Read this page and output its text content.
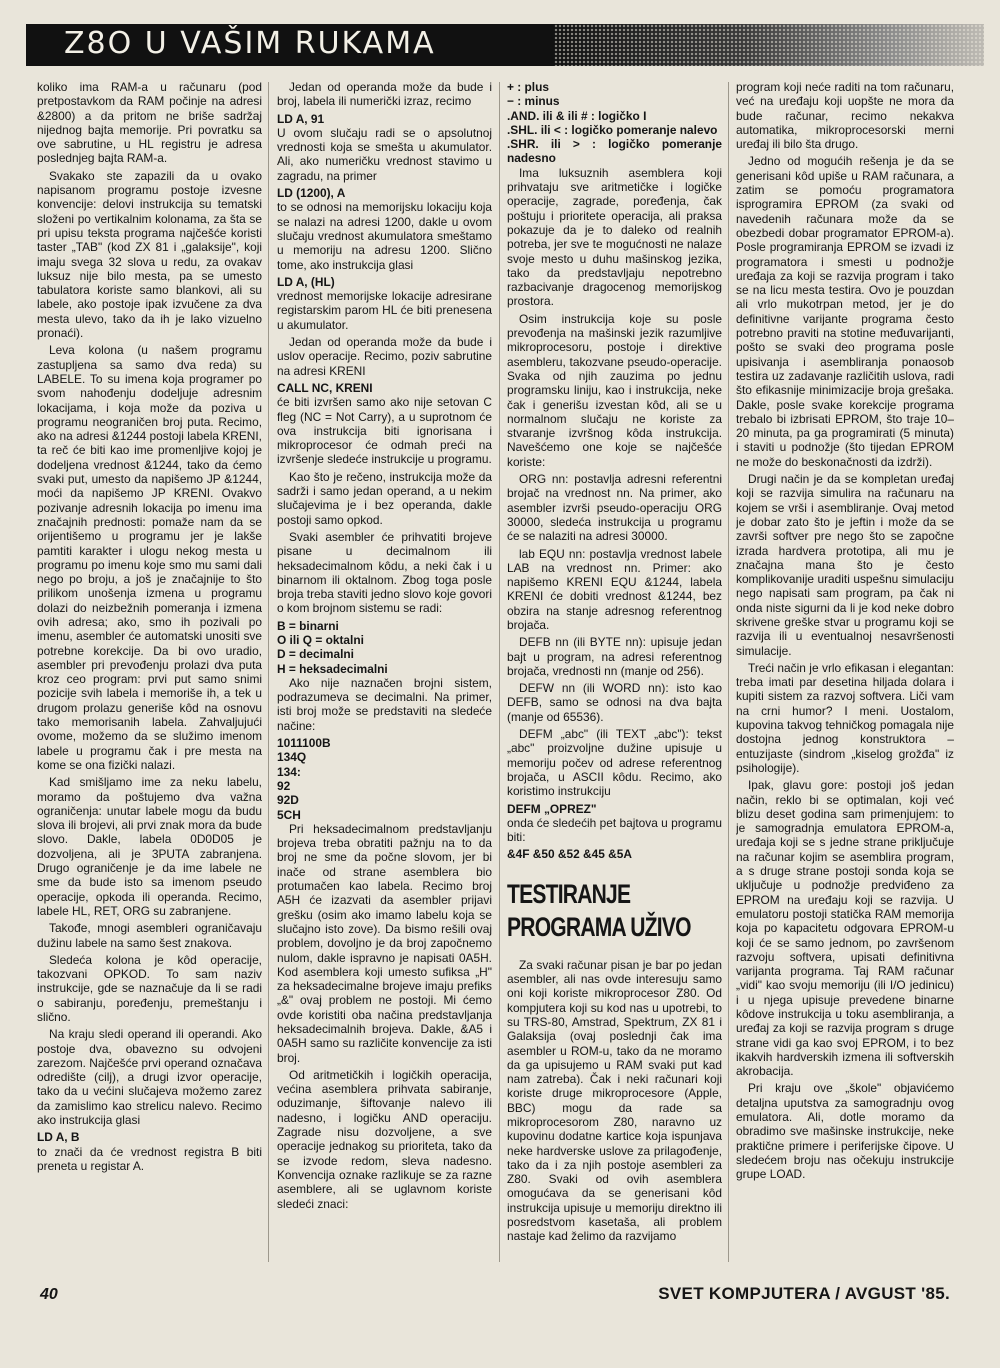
Z8O U VAŠIM RUKAMA

koliko ima RAM-a u računaru (pod pretpostavkom da RAM počinje na adresi &2800) a da pritom ne briše sadržaj nijednog bajta memorije. Pri povratku sa ove sabrutine, u HL registru je adresa poslednjeg bajta RAM-a.

Svakako ste zapazili da u ovako napisanom programu postoje izvesne konvencije: delovi instrukcija su tematski složeni po vertikalnim kolonama, za šta se pri upisu teksta programa najčešće koristi taster „TAB" (kod ZX 81 i „galaksije", koji imaju svega 32 slova u redu, za ovakav luksuz nije bilo mesta, pa se umesto tabulatora koriste samo blankovi, ali su labele, ako postoje ipak izvučene za dva mesta ulevo, tako da ih je lako vizuelno pronaći).

Leva kolona (u našem programu zastupljena sa samo dva reda) su LABELE. To su imena koja programer po svom nahođenju dodeljuje adresnim lokacijama, i koja može da poziva u programu neograničen broj puta. Recimo, ako na adresi &1244 postoji labela KRENI, ta reč će biti kao ime promenljive kojoj je dodeljena vrednost &1244, tako da ćemo svaki put, umesto da napišemo JP &1244, moći da napišemo JP KRENI. Ovakvo pozivanje adresnih lokacija po imenu ima značajnih prednosti: pomaže nam da se orijentišemo u programu jer je lakše pamtiti karakter i ulogu nekog mesta u programu po imenu koje smo mu sami dali nego po broju, a još je značajnije to što prilikom unošenja izmena u programu dolazi do neizbežnih pomeranja i izmena ovih adresa; ako, smo ih pozivali po imenu, asembler će automatski unositi sve potrebne korekcije. Da bi ovo uradio, asembler pri prevođenju prolazi dva puta kroz ceo program: prvi put samo snimi pozicije svih labela i memoriše ih, a tek u drugom prolazu generiše kôd na osnovu tako memorisanih labela. Zahvaljujući ovome, možemo da se služimo imenom labele u programu čak i pre mesta na kome se ona fizički nalazi.

Kad smišljamo ime za neku labelu, moramo da poštujemo dva važna ograničenja: unutar labele mogu da budu slova ili brojevi, ali prvi znak mora da bude slovo. Dakle, labela 0D0D05 je dozvoljena, ali je 3PUTA zabranjena. Drugo ograničenje je da ime labele ne sme da bude isto sa imenom pseudo operacije, opkoda ili operanda. Recimo, labele HL, RET, ORG su zabranjene.

Takođe, mnogi asembleri ograničavaju dužinu labele na samo šest znakova.

Sledeća kolona je kôd operacije, takozvani OPKOD. To sam naziv instrukcije, gde se naznačuje da li se radi o sabiranju, poređenju, premeštanju i slično.

Na kraju sledi operand ili operandi. Ako postoje dva, obavezno su odvojeni zarezom. Najčešće prvi operand označava odredište (cilj), a drugi izvor operacije, tako da u većini slučajeva možemo zarez da zamislimo kao strelicu nalevo. Recimo ako instrukcija glasi

LD A, B

to znači da će vrednost registra B biti preneta u registar A.

Jedan od operanda može da bude i broj, labela ili numerički izraz, recimo

LD A, 91

U ovom slučaju radi se o apsolutnoj vrednosti koja se smešta u akumulator. Ali, ako numeričku vrednost stavimo u zagradu, na primer

LD (1200), A

to se odnosi na memorijsku lokaciju koja se nalazi na adresi 1200, dakle u ovom slučaju vrednost akumulatora smeštamo u memoriju na adresu 1200. Slično tome, ako instrukcija glasi

LD A, (HL)

vrednost memorijske lokacije adresirane registarskim parom HL će biti prenesena u akumulator.

Jedan od operanda može da bude i uslov operacije. Recimo, poziv sabrutine na adresi KRENI

CALL NC, KRENI

će biti izvršen samo ako nije setovan C fleg (NC = Not Carry), a u suprotnom će ova instrukcija biti ignorisana i mikroprocesor će odmah preći na izvršenje sledeće instrukcije u programu.

Kao što je rečeno, instrukcija može da sadrži i samo jedan operand, a u nekim slučajevima je i bez operanda, dakle postoji samo opkod.

Svaki asembler će prihvatiti brojeve pisane u decimalnom ili heksadecimalnom kôdu, a neki čak i u binarnom ili oktalnom. Zbog toga posle broja treba staviti jedno slovo koje govori o kom brojnom sistemu se radi:

B = binarni

O ili Q = oktalni

D = decimalni

H = heksadecimalni

Ako nije naznačen brojni sistem, podrazumeva se decimalni. Na primer, isti broj može se predstaviti na sledeće načine:

1011100B

134Q

134:

92

92D

5CH

Pri heksadecimalnom predstavljanju brojeva treba obratiti pažnju na to da broj ne sme da počne slovom, jer bi inače od strane asemblera bio protumačen kao labela. Recimo broj A5H će izazvati da asembler prijavi grešku (osim ako imamo labelu koja se slučajno isto zove). Da bismo rešili ovaj problem, dovoljno je da broj započnemo nulom, dakle ispravno je napisati 0A5H. Kod asemblera koji umesto sufiksa „H" za heksadecimalne brojeve imaju prefiks „&" ovaj problem ne postoji. Mi ćemo ovde koristiti oba načina predstavljanja heksadecimalnih brojeva. Dakle, &A5 i 0A5H samo su različite konvencije za isti broj.

Od aritmetičkih i logičkih operacija, većina asemblera prihvata sabiranje, oduzimanje, šiftovanje nalevo ili nadesno, i logičku AND operaciju. Zagrade nisu dozvoljene, a sve operacije jednakog su prioriteta, tako da se izvode redom, sleva nadesno. Konvencija oznake razlikuje se za razne asemblere, ali se uglavnom koriste sledeći znaci:

+ : plus

− : minus

.AND. ili & ili # : logičko I

.SHL. ili < : logičko pomeranje nalevo

.SHR. ili > : logičko pomeranje nadesno

Ima luksuznih asemblera koji prihvataju sve aritmetičke i logičke operacije, zagrade, poređenja, čak poštuju i prioritete operacija, ali praksa pokazuje da je to daleko od realnih potreba, jer sve te mogućnosti ne nalaze svoje mesto u duhu mašinskog jezika, tako da predstavljaju nepotrebno razbacivanje dragocenog memorijskog prostora.

Osim instrukcija koje su posle prevođenja na mašinski jezik razumljive mikroprocesoru, postoje i direktive asembleru, takozvane pseudo-operacije. Svaka od njih zauzima po jednu programsku liniju, kao i instrukcija, neke čak i generišu izvestan kôd, ali se u normalnom slučaju ne koriste za stvaranje izvršnog kôda instrukcija. Navešćemo one koje se najčešće koriste:

ORG nn: postavlja adresni referentni brojač na vrednost nn. Na primer, ako asembler izvrši pseudo-operaciju ORG 30000, sledeća instrukcija u programu će se nalaziti na adresi 30000.

lab EQU nn: postavlja vrednost labele LAB na vrednost nn. Primer: ako napišemo KRENI EQU &1244, labela KRENI će dobiti vrednost &1244, bez obzira na stanje adresnog referentnog brojača.

DEFB nn (ili BYTE nn): upisuje jedan bajt u program, na adresi referentnog brojača, vrednosti nn (manje od 256).

DEFW nn (ili WORD nn): isto kao DEFB, samo se odnosi na dva bajta (manje od 65536).

DEFM „abc" (ili TEXT „abc"): tekst „abc" proizvoljne dužine upisuje u memoriju počev od adrese referentnog brojača, u ASCII kôdu. Recimo, ako koristimo instrukciju

DEFM „OPREZ"

onda će sledećih pet bajtova u programu biti:

&4F &50 &52 &45 &5A

TESTIRANJE
PROGRAMA UŽIVO

Za svaki računar pisan je bar po jedan asembler, ali nas ovde interesuju samo oni koji koriste mikroprocesor Z80. Od kompjutera koji su kod nas u upotrebi, to su TRS-80, Amstrad, Spektrum, ZX 81 i Galaksija (ovaj poslednji čak ima asembler u ROM-u, tako da ne moramo da ga upisujemo u RAM svaki put kad nam zatreba). Čak i neki računari koji koriste druge mikroprocesore (Apple, BBC) mogu da rade sa mikroprocesorom Z80, naravno uz kupovinu dodatne kartice koja ispunjava neke hardverske uslove za prilagođenje, tako da i za njih postoje asembleri za Z80. Svaki od ovih asemblera omogućava da se generisani kôd instrukcija upisuje u memoriju direktno ili posredstvom kasetaša, ali problem nastaje kad želimo da razvijamo

program koji neće raditi na tom računaru, već na uređaju koji uopšte ne mora da bude računar, recimo nekakva automatika, mikroprocesorski merni uređaj ili bilo šta drugo.

Jedno od mogućih rešenja je da se generisani kôd upiše u RAM računara, a zatim se pomoću programatora isprogramira EPROM (za svaki od navedenih računara može da se obezbedi dobar programator EPROM-a). Posle programiranja EPROM se izvadi iz programatora i smesti u podnožje uređaja za koji se razvija program i tako se na licu mesta testira. Ovo je pouzdan ali vrlo mukotrpan metod, jer je do definitivne varijante programa često potrebno praviti na stotine međuvarijanti, pošto se svaki deo programa posle upisivanja i asembliranja ponaosob testira uz zadavanje različitih uslova, radi što efikasnije minimizacije broja grešaka. Dakle, posle svake korekcije programa trebalo bi izbrisati EPROM, što traje 10–20 minuta, pa ga programirati (5 minuta) i staviti u podnožje (što tijedan EPROM ne može do beskonačnosti da izdrži).

Drugi način je da se kompletan uređaj koji se razvija simulira na računaru na kojem se vrši i asembliranje. Ovaj metod je dobar zato što je jeftin i može da se završi softver pre nego što se započne izrada hardvera prototipa, ali mu je značajna mana što je često komplikovanije uraditi uspešnu simulaciju nego napisati sam program, pa čak ni onda niste sigurni da li je kod neke dobro skrivene greške stvar u programu koji se razvija ili u eventualnoj nesavršenosti simulacije.

Treći način je vrlo efikasan i elegantan: treba imati par desetina hiljada dolara i kupiti sistem za razvoj softvera. Liči vam na crni humor? I meni. Uostalom, kupovina takvog tehničkog pomagala nije dostojna jednog konstruktora – entuzijaste (sindrom „kiselog grožđa" iz psihologije).

Ipak, glavu gore: postoji još jedan način, reklo bi se optimalan, koji već blizu deset godina sam primenjujem: to je samogradnja emulatora EPROM-a, uređaja koji se s jedne strane priključuje na računar kojim se asemblira program, a s druge strane postoji sonda koja se uključuje u podnožje predviđeno za EPROM na uređaju koji se razvija. U emulatoru postoji statička RAM memorija koja po kapacitetu odgovara EPROM-u koji će se samo jednom, po završenom razvoju softvera, upisati definitivna varijanta programa. Taj RAM računar „vidi" kao svoju memoriju (ili I/O jedinicu) i u njega upisuje prevedene binarne kôdove instrukcija u toku asembliranja, a uređaj za koji se razvija program s druge strane vidi ga kao svoj EPROM, i to bez ikakvih hardverskih izmena ili softverskih akrobacija.

Pri kraju ove „škole" objavićemo detaljna uputstva za samogradnju ovog emulatora. Ali, dotle moramo da obradimo sve mašinske instrukcije, neke praktične primere i periferijske čipove. U sledećem broju nas očekuju instrukcije grupe LOAD.

40	SVET KOMPJUTERA / AVGUST '85.
